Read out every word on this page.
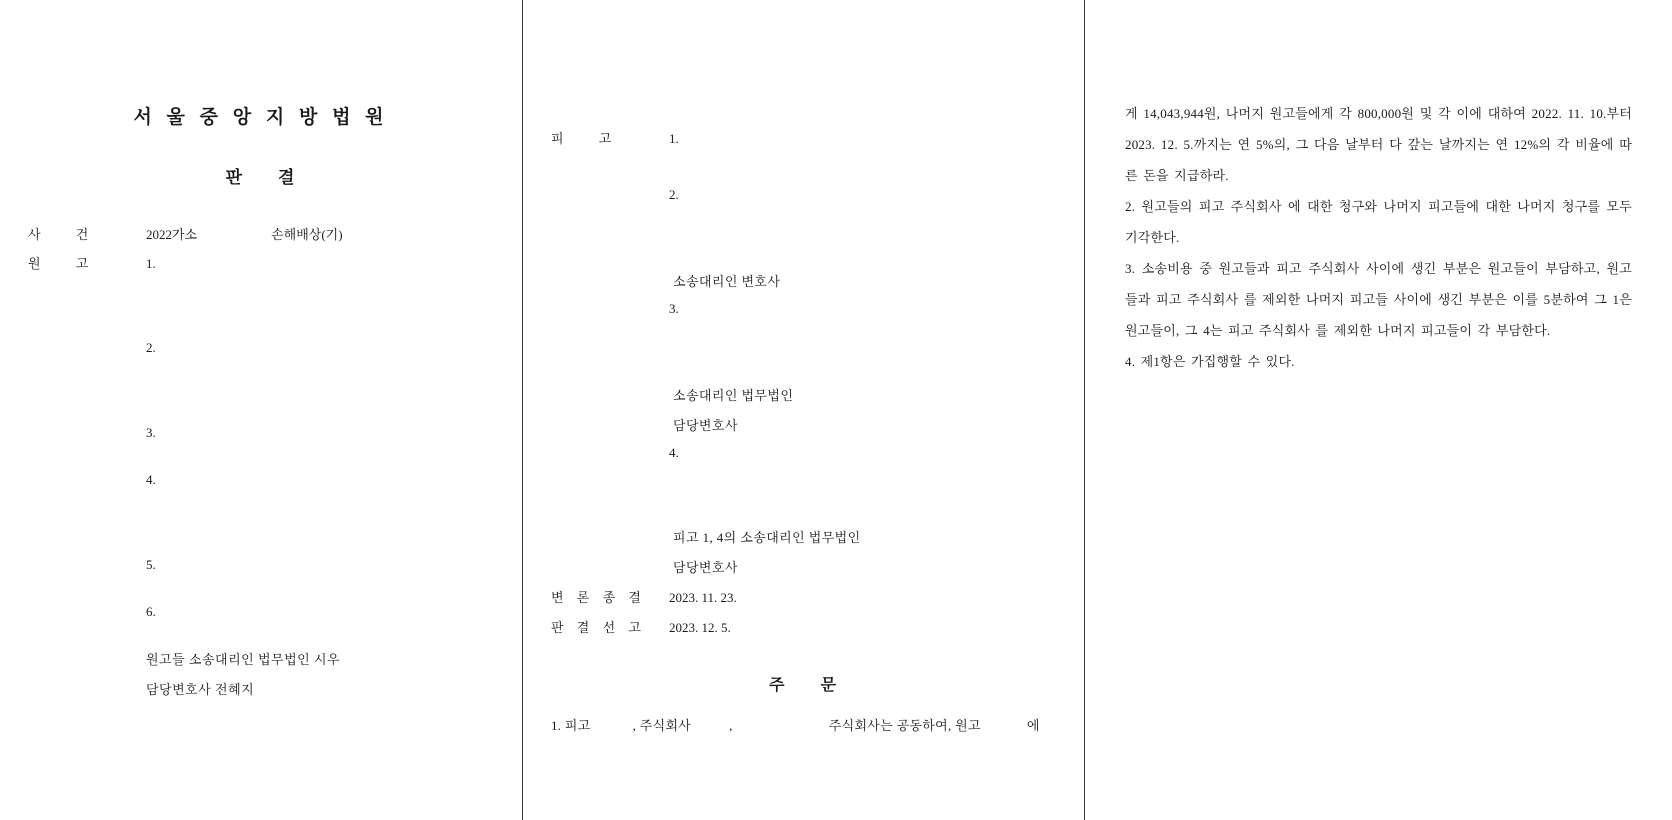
서 울 중 앙 지 방 법 원
판 결
사 건	2022가소	손해배상(기)
원 고	1.
2.
3.
4.
5.
6.
원고들 소송대리인 법무법인 시우
담당변호사 전혜지
피 고	1.
2.
소송대리인 변호사
3.
소송대리인 법무법인
담당변호사
4.
피고 1, 4의 소송대리인 법무법인
담당변호사
변 론 종 결	2023. 11. 23.
판 결 선 고	2023. 12. 5.
주 문
1. 피고	, 주식회사	,	주식회사는 공동하여, 원고	에
게 14,043,944원, 나머지 원고들에게 각 800,000원 및 각 이에 대하여 2022. 11. 10.부터 2023. 12. 5.까지는 연 5%의, 그 다음 날부터 다 갚는 날까지는 연 12%의 각 비율에 따른 돈을 지급하라.
2. 원고들의 피고 주식회사 에 대한 청구와 나머지 피고들에 대한 나머지 청구를 모두 기각한다.
3. 소송비용 중 원고들과 피고 주식회사 사이에 생긴 부분은 원고들이 부담하고, 원고들과 피고 주식회사 를 제외한 나머지 피고들 사이에 생긴 부분은 이를 5분하여 그 1은 원고들이, 그 4는 피고 주식회사 를 제외한 나머지 피고들이 각 부담한다.
4. 제1항은 가집행할 수 있다.
